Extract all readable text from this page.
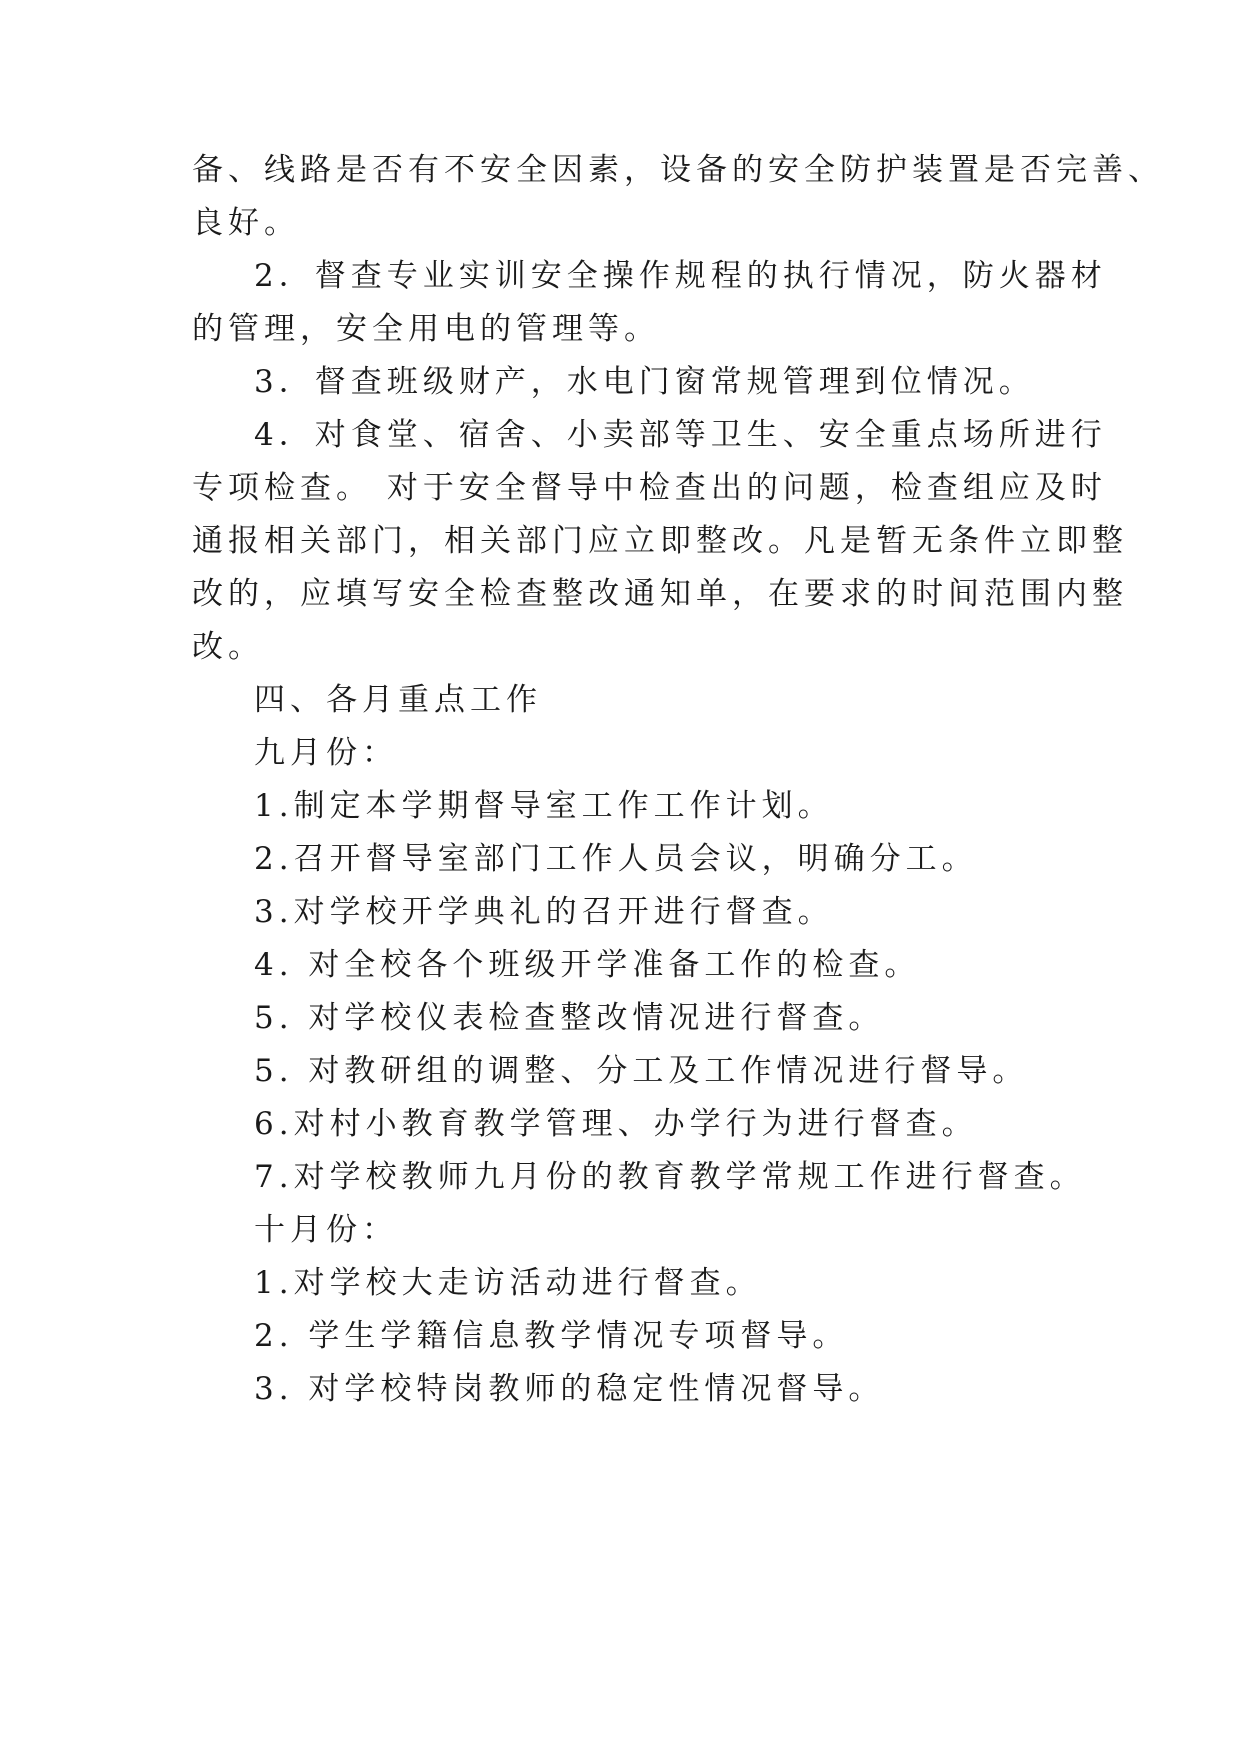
备、线路是否有不安全因素，设备的安全防护装置是否完善、
良好。
2．督查专业实训安全操作规程的执行情况，防火器材
的管理，安全用电的管理等。
3．督查班级财产，水电门窗常规管理到位情况。
4．对食堂、宿舍、小卖部等卫生、安全重点场所进行
专项检查。 对于安全督导中检查出的问题，检查组应及时
通报相关部门，相关部门应立即整改。凡是暂无条件立即整
改的，应填写安全检查整改通知单，在要求的时间范围内整
改。
四、各月重点工作
九月份：
1.制定本学期督导室工作工作计划。
2.召开督导室部门工作人员会议，明确分工。
3.对学校开学典礼的召开进行督查。
4. 对全校各个班级开学准备工作的检查。
5. 对学校仪表检查整改情况进行督查。
5. 对教研组的调整、分工及工作情况进行督导。
6.对村小教育教学管理、办学行为进行督查。
7.对学校教师九月份的教育教学常规工作进行督查。
十月份：
1.对学校大走访活动进行督查。
2. 学生学籍信息教学情况专项督导。
3. 对学校特岗教师的稳定性情况督导。
